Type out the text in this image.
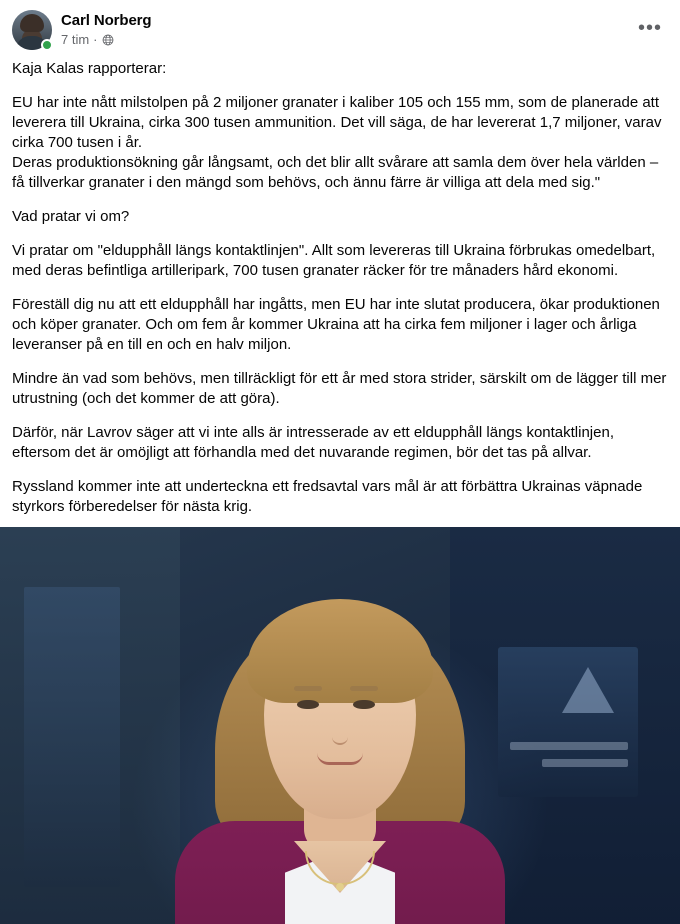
Carl Norberg
7 tim ·
•••

Kaja Kalas rapporterar:

EU har inte nått milstolpen på 2 miljoner granater i kaliber 105 och 155 mm, som de planerade att leverera till Ukraina, cirka 300 tusen ammunition. Det vill säga, de har levererat 1,7 miljoner, varav cirka 700 tusen i år.

Deras produktionsökning går långsamt, och det blir allt svårare att samla dem över hela världen – få tillverkar granater i den mängd som behövs, och ännu färre är villiga att dela med sig."

Vad pratar vi om?

Vi pratar om "eldupphåll längs kontaktlinjen". Allt som levereras till Ukraina förbrukas omedelbart, med deras befintliga artilleripark, 700 tusen granater räcker för tre månaders hård ekonomi.

Föreställ dig nu att ett eldupphåll har ingåtts, men EU har inte slutat producera, ökar produktionen och köper granater. Och om fem år kommer Ukraina att ha cirka fem miljoner i lager och årliga leveranser på en till en och en halv miljon.

Mindre än vad som behövs, men tillräckligt för ett år med stora strider, särskilt om de lägger till mer utrustning (och det kommer de att göra).

Därför, när Lavrov säger att vi inte alls är intresserade av ett eldupphåll längs kontaktlinjen, eftersom det är omöjligt att förhandla med det nuvarande regimen, bör det tas på allvar.

Ryssland kommer inte att underteckna ett fredsavtal vars mål är att förbättra Ukrainas väpnade styrkors förberedelser för nästa krig.
